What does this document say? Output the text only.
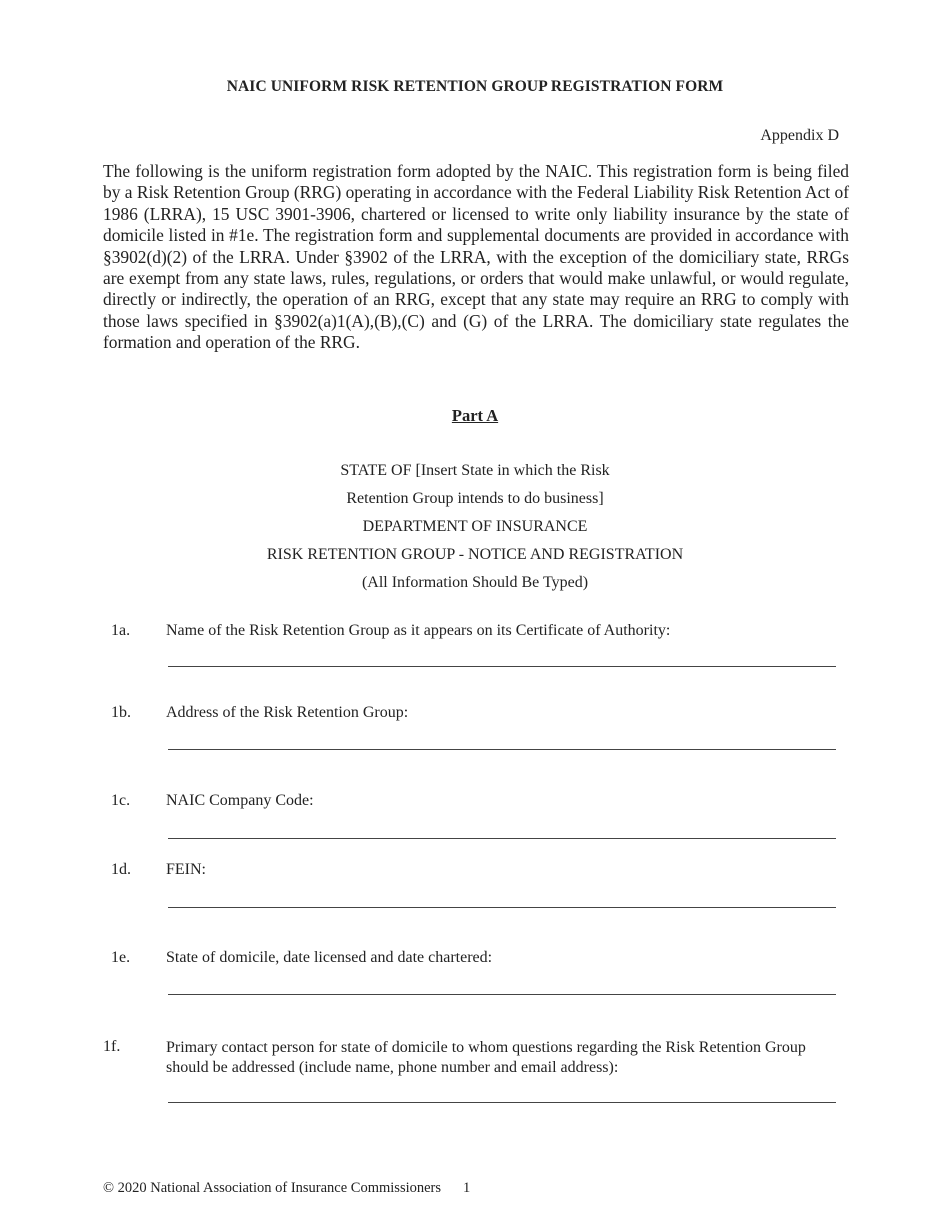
NAIC UNIFORM RISK RETENTION GROUP REGISTRATION FORM
Appendix D

The following is the uniform registration form adopted by the NAIC. This registration form is being filed by a Risk Retention Group (RRG) operating in accordance with the Federal Liability Risk Retention Act of 1986 (LRRA), 15 USC 3901-3906, chartered or licensed to write only liability insurance by the state of domicile listed in #1e. The registration form and supplemental documents are provided in accordance with §3902(d)(2) of the LRRA. Under §3902 of the LRRA, with the exception of the domiciliary state, RRGs are exempt from any state laws, rules, regulations, or orders that would make unlawful, or would regulate, directly or indirectly, the operation of an RRG, except that any state may require an RRG to comply with those laws specified in §3902(a)1(A),(B),(C) and (G) of the LRRA. The domiciliary state regulates the formation and operation of the RRG.

Part A
STATE OF [Insert State in which the Risk
Retention Group intends to do business]
DEPARTMENT OF INSURANCE
RISK RETENTION GROUP - NOTICE AND REGISTRATION
(All Information Should Be Typed)
1a. Name of the Risk Retention Group as it appears on its Certificate of Authority:
1b. Address of the Risk Retention Group:
1c. NAIC Company Code:
1d. FEIN:
1e. State of domicile, date licensed and date chartered:
1f.	Primary contact person for state of domicile to whom questions regarding the Risk Retention Group should be addressed (include name, phone number and email address):
© 2020 National Association of Insurance Commissioners 1
